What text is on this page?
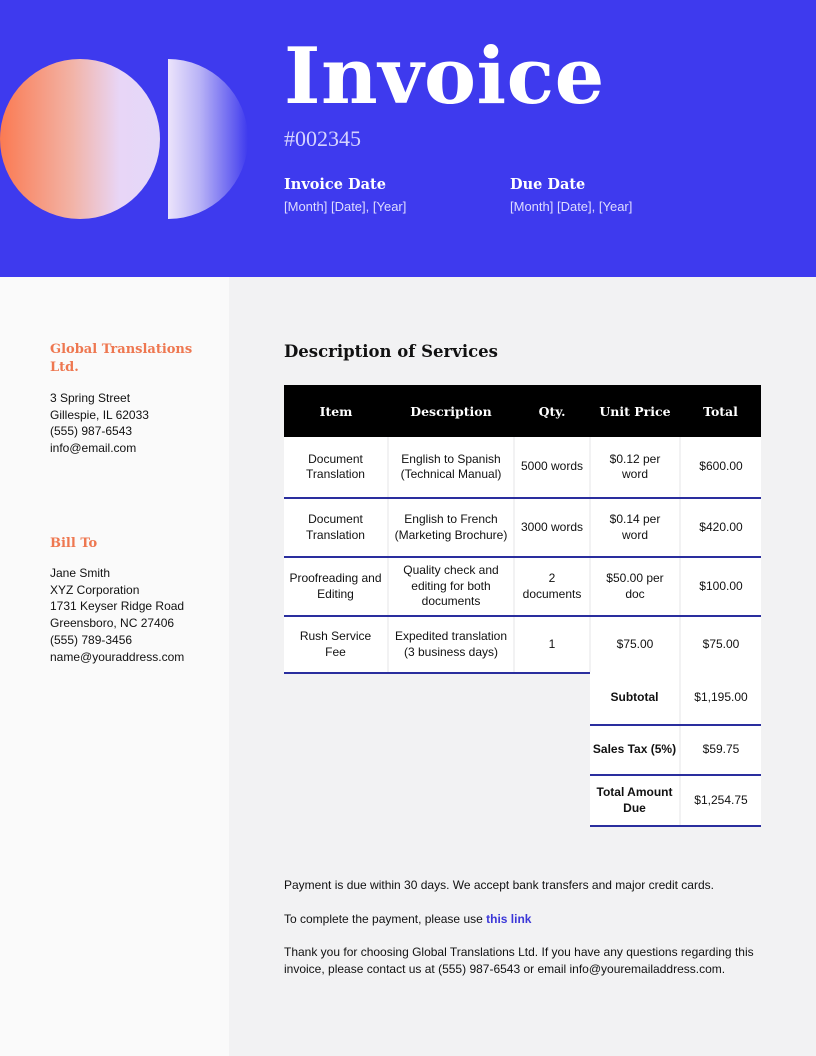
Invoice
#002345
Invoice Date
[Month] [Date], [Year]
Due Date
[Month] [Date], [Year]
Global Translations Ltd.
3 Spring Street
Gillespie, IL 62033
(555) 987-6543
info@email.com
Bill To
Jane Smith
XYZ Corporation
1731 Keyser Ridge Road
Greensboro, NC 27406
(555) 789-3456
name@youraddress.com
Description of Services
Item	Description	Qty.	Unit Price	Total
Document Translation	English to Spanish (Technical Manual)	5000 words	$0.12 per word	$600.00
Document Translation	English to French (Marketing Brochure)	3000 words	$0.14 per word	$420.00
Proofreading and Editing	Quality check and editing for both documents	2 documents	$50.00 per doc	$100.00
Rush Service Fee	Expedited translation (3 business days)	1	$75.00	$75.00
Subtotal	$1,195.00
Sales Tax (5%)	$59.75
Total Amount Due	$1,254.75
Payment is due within 30 days. We accept bank transfers and major credit cards.
To complete the payment, please use this link
Thank you for choosing Global Translations Ltd. If you have any questions regarding this invoice, please contact us at (555) 987-6543 or email info@youremailaddress.com.
